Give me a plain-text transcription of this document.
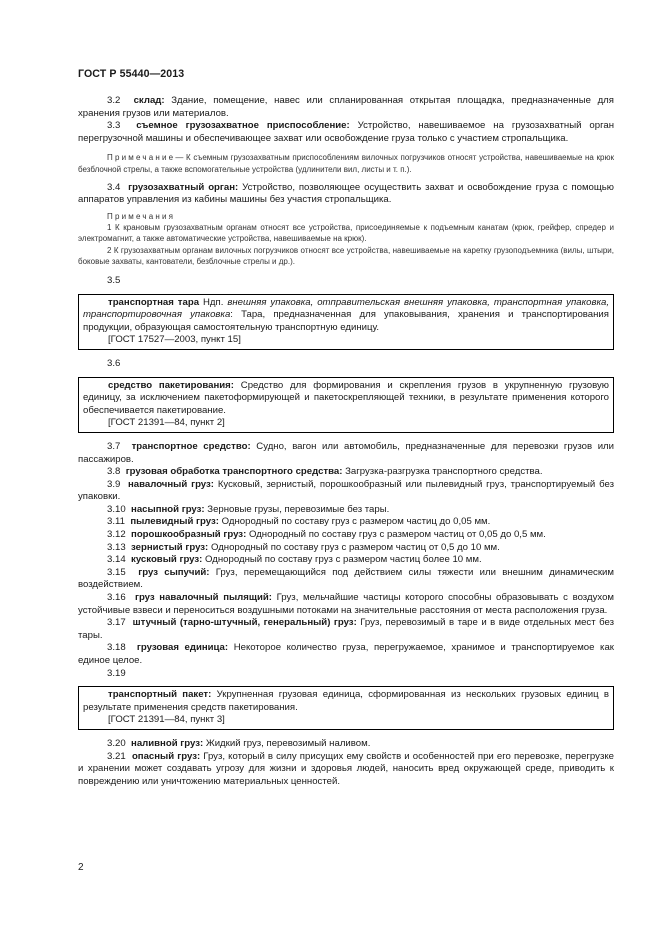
ГОСТ Р 55440—2013

3.2 склад: Здание, помещение, навес или спланированная открытая площадка, предназначенные для хранения грузов или материалов.

3.3 съемное грузозахватное приспособление: Устройство, навешиваемое на грузозахватный орган перегрузочной машины и обеспечивающее захват или освобождение груза только с участием стропальщика.

Примечание— К съемным грузозахватным приспособлениям вилочных погрузчиков относят устройства, навешиваемые на крюк безблочной стрелы, а также вспомогательные устройства (удлинители вил, листы и т. п.).

3.4 грузозахватный орган: Устройство, позволяющее осуществить захват и освобождение груза с помощью аппаратов управления из кабины машины без участия стропальщика.

Примечания

1 К крановым грузозахватным органам относят все устройства, присоединяемые к подъемным канатам (крюк, грейфер, спредер и электромагнит, а также автоматические устройства, навешиваемые на крюк).

2 К грузозахватным органам вилочных погрузчиков относят все устройства, навешиваемые на каретку грузоподъемника (вилы, штыри, боковые захваты, кантователи, безблочные стрелы и др.).

3.5

транспортная тара Ндп. внешняя упаковка, отправительская внешняя упаковка, транспортная упаковка, транспортировочная упаковка: Тара, предназначенная для упаковывания, хранения и транспортирования продукции, образующая самостоятельную транспортную единицу.

[ГОСТ 17527—2003, пункт 15]

3.6

средство пакетирования: Средство для формирования и скрепления грузов в укрупненную грузовую единицу, за исключением пакетоформирующей и пакетоскрепляющей техники, в результате применения которого обеспечивается пакетирование.

[ГОСТ 21391—84, пункт 2]

3.7 транспортное средство: Судно, вагон или автомобиль, предназначенные для перевозки грузов или пассажиров.

3.8 грузовая обработка транспортного средства: Загрузка-разгрузка транспортного средства.

3.9 навалочный груз: Кусковый, зернистый, порошкообразный или пылевидный груз, транспортируемый без упаковки.

3.10 насыпной груз: Зерновые грузы, перевозимые без тары.

3.11 пылевидный груз: Однородный по составу груз с размером частиц до 0,05 мм.

3.12 порошкообразный груз: Однородный по составу груз с размером частиц от 0,05 до 0,5 мм.

3.13 зернистый груз: Однородный по составу груз с размером частиц от 0,5 до 10 мм.

3.14 кусковый груз: Однородный по составу груз с размером частиц более 10 мм.

3.15 груз сыпучий: Груз, перемещающийся под действием силы тяжести или внешним динамическим воздействием.

3.16 груз навалочный пылящий: Груз, мельчайшие частицы которого способны образовывать с воздухом устойчивые взвеси и переноситься воздушными потоками на значительные расстояния от места расположения груза.

3.17 штучный (тарно-штучный, генеральный) груз: Груз, перевозимый в таре и в виде отдельных мест без тары.

3.18 грузовая единица: Некоторое количество груза, перегружаемое, хранимое и транспортируемое как единое целое.

3.19

транспортный пакет: Укрупненная грузовая единица, сформированная из нескольких грузовых единиц в результате применения средств пакетирования.

[ГОСТ 21391—84, пункт 3]

3.20 наливной груз: Жидкий груз, перевозимый наливом.

3.21 опасный груз: Груз, который в силу присущих ему свойств и особенностей при его перевозке, перегрузке и хранении может создавать угрозу для жизни и здоровья людей, наносить вред окружающей среде, приводить к повреждению или уничтожению материальных ценностей.

2
